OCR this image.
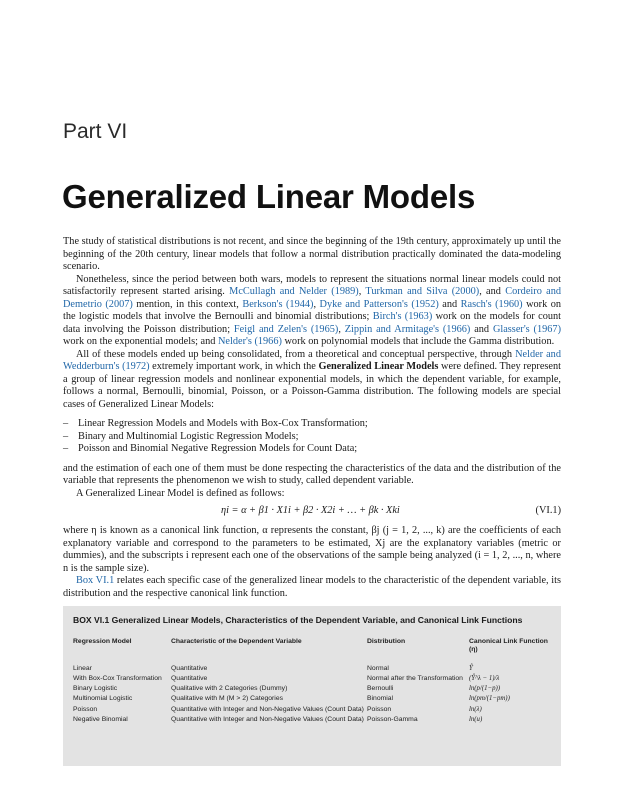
Part VI
Generalized Linear Models

The study of statistical distributions is not recent, and since the beginning of the 19th century, approximately up until the beginning of the 20th century, linear models that follow a normal distribution practically dominated the data-modeling scenario.

Nonetheless, since the period between both wars, models to represent the situations normal linear models could not satisfactorily represent started arising. McCullagh and Nelder (1989), Turkman and Silva (2000), and Cordeiro and Demetrio (2007) mention, in this context, Berkson's (1944), Dyke and Patterson's (1952) and Rasch's (1960) work on the logistic models that involve the Bernoulli and binomial distributions; Birch's (1963) work on the models for count data involving the Poisson distribution; Feigl and Zelen's (1965), Zippin and Armitage's (1966) and Glasser's (1967) work on the exponential models; and Nelder's (1966) work on polynomial models that include the Gamma distribution.

All of these models ended up being consolidated, from a theoretical and conceptual perspective, through Nelder and Wedderburn's (1972) extremely important work, in which the Generalized Linear Models were defined. They represent a group of linear regression models and nonlinear exponential models, in which the dependent variable, for example, follows a normal, Bernoulli, binomial, Poisson, or a Poisson-Gamma distribution. The following models are special cases of Generalized Linear Models:

– Linear Regression Models and Models with Box-Cox Transformation;
– Binary and Multinomial Logistic Regression Models;
– Poisson and Binomial Negative Regression Models for Count Data;

and the estimation of each one of them must be done respecting the characteristics of the data and the distribution of the variable that represents the phenomenon we wish to study, called dependent variable.

A Generalized Linear Model is defined as follows:

ηi = α + β1 · X1i + β2 · X2i + … + βk · Xki	(VI.1)

where η is known as a canonical link function, α represents the constant, βj (j = 1, 2, ..., k) are the coefficients of each explanatory variable and correspond to the parameters to be estimated, Xj are the explanatory variables (metric or dummies), and the subscripts i represent each one of the observations of the sample being analyzed (i = 1, 2, ..., n, where n is the sample size).

Box VI.1 relates each specific case of the generalized linear models to the characteristic of the dependent variable, its distribution and the respective canonical link function.

BOX VI.1 Generalized Linear Models, Characteristics of the Dependent Variable, and Canonical Link Functions
Regression Model	Characteristic of the Dependent Variable	Distribution	Canonical Link Function (η)
Linear	Quantitative	Normal	Ŷ
With Box-Cox Transformation	Quantitative	Normal after the Transformation	(Ŷ^λ − 1)/λ
Binary Logistic	Qualitative with 2 Categories (Dummy)	Bernoulli	ln(p/(1−p))
Multinomial Logistic	Qualitative with M (M > 2) Categories	Binomial	ln(pm/(1−pm))
Poisson	Quantitative with Integer and Non-Negative Values (Count Data)	Poisson	ln(λ)
Negative Binomial	Quantitative with Integer and Non-Negative Values (Count Data)	Poisson-Gamma	ln(u)
